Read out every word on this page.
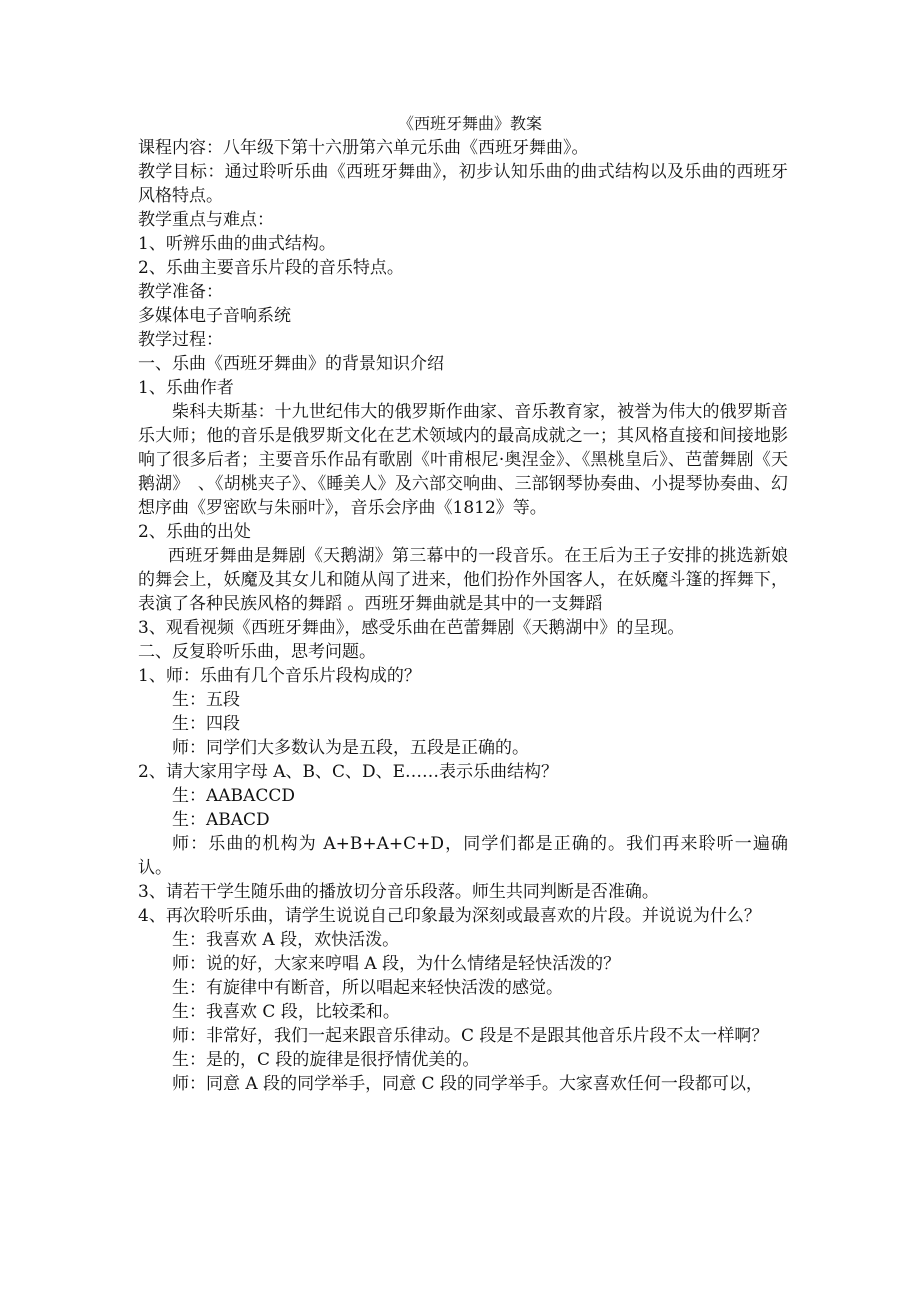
《西班牙舞曲》教案

课程内容：八年级下第十六册第六单元乐曲《西班牙舞曲》。

教学目标：通过聆听乐曲《西班牙舞曲》，初步认知乐曲的曲式结构以及乐曲的西班牙风格特点。

教学重点与难点：

1、听辨乐曲的曲式结构。

2、乐曲主要音乐片段的音乐特点。

教学准备：

多媒体电子音响系统

教学过程：

一、乐曲《西班牙舞曲》的背景知识介绍

1、乐曲作者

柴科夫斯基：十九世纪伟大的俄罗斯作曲家、音乐教育家，被誉为伟大的俄罗斯音乐大师；他的音乐是俄罗斯文化在艺术领域内的最高成就之一；其风格直接和间接地影响了很多后者；主要音乐作品有歌剧《叶甫根尼·奥涅金》、《黑桃皇后》、芭蕾舞剧《天鹅湖》　、《胡桃夹子》、《睡美人》及六部交响曲、三部钢琴协奏曲、小提琴协奏曲、幻想序曲《罗密欧与朱丽叶》，音乐会序曲《1812》等。

2、乐曲的出处

西班牙舞曲是舞剧《天鹅湖》第三幕中的一段音乐。在王后为王子安排的挑选新娘的舞会上，妖魔及其女儿和随从闯了进来，他们扮作外国客人，在妖魔斗篷的挥舞下，表演了各种民族风格的舞蹈 。西班牙舞曲就是其中的一支舞蹈

3、观看视频《西班牙舞曲》，感受乐曲在芭蕾舞剧《天鹅湖中》的呈现。

二、反复聆听乐曲，思考问题。

1、师：乐曲有几个音乐片段构成的？

生：五段

生：四段

师：同学们大多数认为是五段，五段是正确的。

2、请大家用字母 A、B、C、D、E……表示乐曲结构？

生：AABACCD

生：ABACD

师：乐曲的机构为 A+B+A+C+D，同学们都是正确的。我们再来聆听一遍确认。

3、请若干学生随乐曲的播放切分音乐段落。师生共同判断是否准确。

4、再次聆听乐曲，请学生说说自己印象最为深刻或最喜欢的片段。并说说为什么？

生：我喜欢 A 段，欢快活泼。

师：说的好，大家来哼唱 A 段，为什么情绪是轻快活泼的？

生：有旋律中有断音，所以唱起来轻快活泼的感觉。

生：我喜欢 C 段，比较柔和。

师：非常好，我们一起来跟音乐律动。C 段是不是跟其他音乐片段不太一样啊？

生：是的，C 段的旋律是很抒情优美的。

师：同意 A 段的同学举手，同意 C 段的同学举手。大家喜欢任何一段都可以，
